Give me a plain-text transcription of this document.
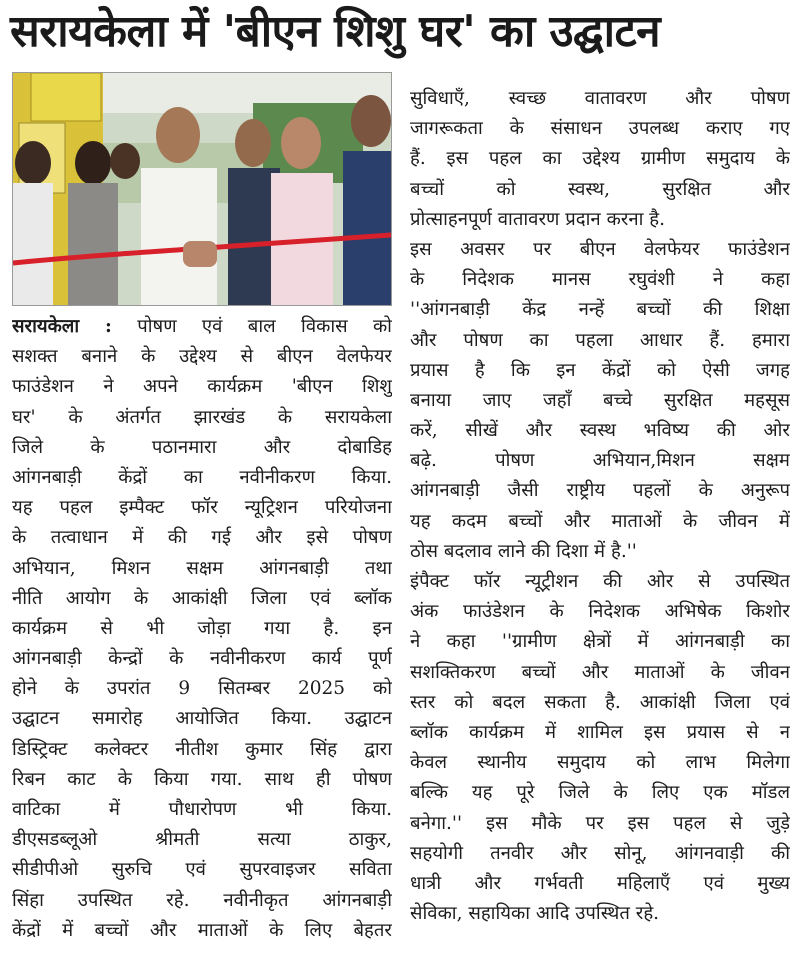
सरायकेला में 'बीएन शिशु घर' का उद्घाटन
सरायकेला : पोषण एवं बाल विकास को
सशक्त बनाने के उद्देश्य से बीएन वेलफेयर
फाउंडेशन ने अपने कार्यक्रम 'बीएन शिशु
घर' के अंतर्गत झारखंड के सरायकेला
जिले के पठानमारा और दोबाडिह
आंगनबाड़ी केंद्रों का नवीनीकरण किया.
यह पहल इम्पैक्ट फॉर न्यूट्रिशन परियोजना
के तत्वाधान में की गई और इसे पोषण
अभियान, मिशन सक्षम आंगनबाड़ी तथा
नीति आयोग के आकांक्षी जिला एवं ब्लॉक
कार्यक्रम से भी जोड़ा गया है. इन
आंगनबाड़ी केन्द्रों के नवीनीकरण कार्य पूर्ण
होने के उपरांत 9 सितम्बर 2025 को
उद्घाटन समारोह आयोजित किया. उद्घाटन
डिस्ट्रिक्ट कलेक्टर नीतीश कुमार सिंह द्वारा
रिबन काट के किया गया. साथ ही पोषण
वाटिका में पौधारोपण भी किया.
डीएसडब्लूओ श्रीमती सत्या ठाकुर,
सीडीपीओ सुरुचि एवं सुपरवाइजर सविता
सिंहा उपस्थित रहे. नवीनीकृत आंगनबाड़ी
केंद्रों में बच्चों और माताओं के लिए बेहतर
सुविधाएँ, स्वच्छ वातावरण और पोषण
जागरूकता के संसाधन उपलब्ध कराए गए
हैं. इस पहल का उद्देश्य ग्रामीण समुदाय के
बच्चों को स्वस्थ, सुरक्षित और
प्रोत्साहनपूर्ण वातावरण प्रदान करना है.
इस अवसर पर बीएन वेलफेयर फाउंडेशन
के निदेशक मानस रघुवंशी ने कहा
''आंगनबाड़ी केंद्र नन्हें बच्चों की शिक्षा
और पोषण का पहला आधार हैं. हमारा
प्रयास है कि इन केंद्रों को ऐसी जगह
बनाया जाए जहाँ बच्चे सुरक्षित महसूस
करें, सीखें और स्वस्थ भविष्य की ओर
बढ़े. पोषण अभियान,मिशन सक्षम
आंगनबाड़ी जैसी राष्ट्रीय पहलों के अनुरूप
यह कदम बच्चों और माताओं के जीवन में
ठोस बदलाव लाने की दिशा में है.''
इंपैक्ट फॉर न्यूट्रीशन की ओर से उपस्थित
अंक फाउंडेशन के निदेशक अभिषेक किशोर
ने कहा ''ग्रामीण क्षेत्रों में आंगनबाड़ी का
सशक्तिकरण बच्चों और माताओं के जीवन
स्तर को बदल सकता है. आकांक्षी जिला एवं
ब्लॉक कार्यक्रम में शामिल इस प्रयास से न
केवल स्थानीय समुदाय को लाभ मिलेगा
बल्कि यह पूरे जिले के लिए एक मॉडल
बनेगा.'' इस मौके पर इस पहल से जुड़े
सहयोगी तनवीर और सोनू, आंगनवाड़ी की
धात्री और गर्भवती महिलाएँ एवं मुख्य
सेविका, सहायिका आदि उपस्थित रहे.
